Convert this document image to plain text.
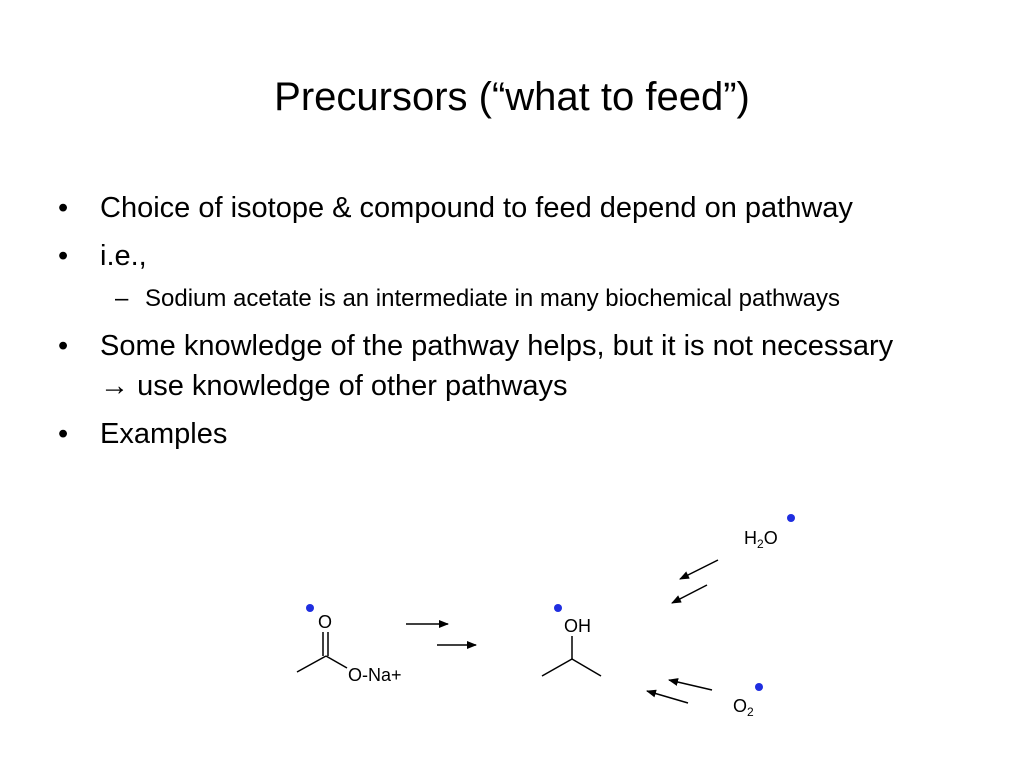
Precursors (“what to feed”)
•	Choice of isotope & compound to feed depend on pathway
•	i.e.,
– Sodium acetate is an intermediate in many biochemical pathways
•	Some knowledge of the pathway helps, but it is not necessary → use knowledge of other pathways
•	Examples
O
O-Na+
OH
$H_2O$
$O_2$
